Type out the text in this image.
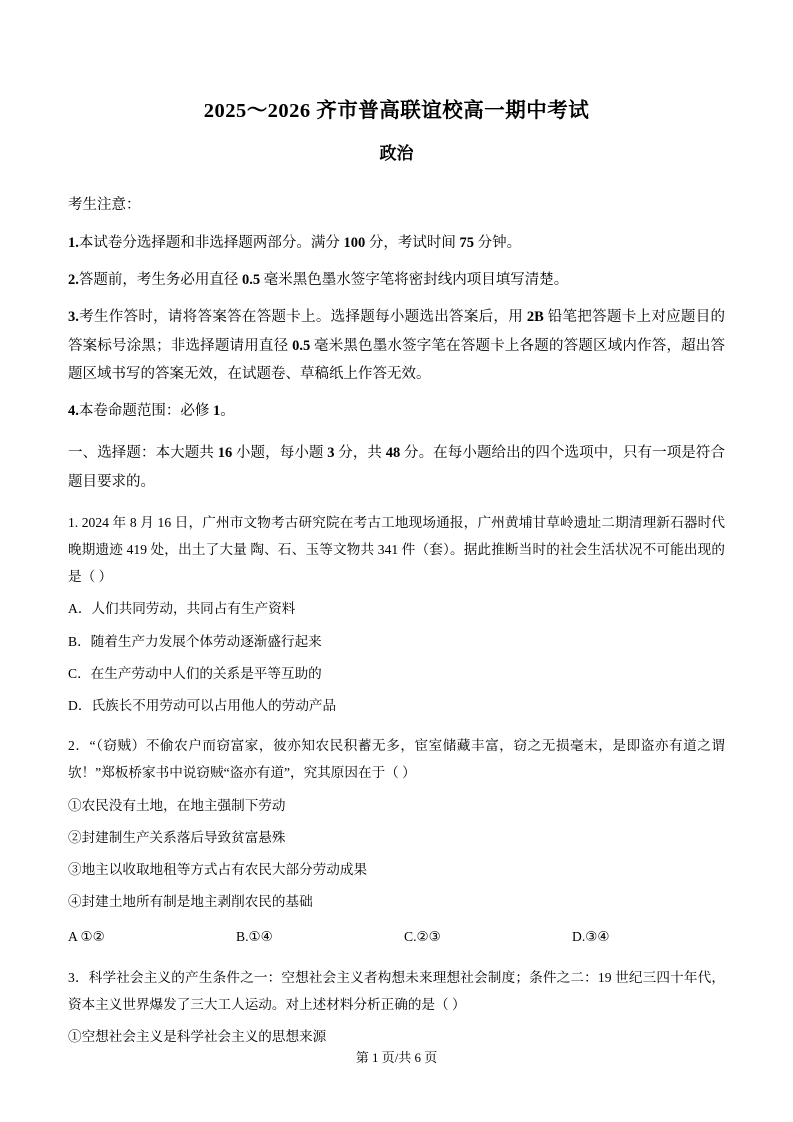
2025～2026 齐市普高联谊校高一期中考试
政治
考生注意：

1.本试卷分选择题和非选择题两部分。满分 100 分，考试时间 75 分钟。

2.答题前，考生务必用直径 0.5 毫米黑色墨水签字笔将密封线内项目填写清楚。

3.考生作答时，请将答案答在答题卡上。选择题每小题选出答案后，用 2B 铅笔把答题卡上对应题目的答案标号涂黑；非选择题请用直径 0.5 毫米黑色墨水签字笔在答题卡上各题的答题区域内作答，超出答题区域书写的答案无效，在试题卷、草稿纸上作答无效。

4.本卷命题范围：必修 1。

一、选择题：本大题共 16 小题，每小题 3 分，共 48 分。在每小题给出的四个选项中，只有一项是符合题目要求的。
1. 2024 年 8 月 16 日，广州市文物考古研究院在考古工地现场通报，广州黄埔甘草岭遗址二期清理新石器时代晚期遗迹 419 处，出土了大量 陶、石、玉等文物共 341 件（套）。据此推断当时的社会生活状况不可能出现的是（ ）
A．人们共同劳动，共同占有生产资料
B．随着生产力发展个体劳动逐渐盛行起来
C．在生产劳动中人们的关系是平等互助的
D．氏族长不用劳动可以占用他人的劳动产品
2．“（窃贼）不偷农户而窃富家，彼亦知农民积蓄无多，宦室储藏丰富，窃之无损毫末，是即盗亦有道之谓欤！”郑板桥家书中说窃贼“盗亦有道”，究其原因在于（ ）
①农民没有土地，在地主强制下劳动
②封建制生产关系落后导致贫富悬殊
③地主以收取地租等方式占有农民大部分劳动成果
④封建土地所有制是地主剥削农民的基础
A ①②	B.①④	C.②③	D.③④
3．科学社会主义的产生条件之一：空想社会主义者构想未来理想社会制度；条件之二：19 世纪三四十年代，资本主义世界爆发了三大工人运动。对上述材料分析正确的是（ ）
①空想社会主义是科学社会主义的思想来源
第 1 页/共 6 页
